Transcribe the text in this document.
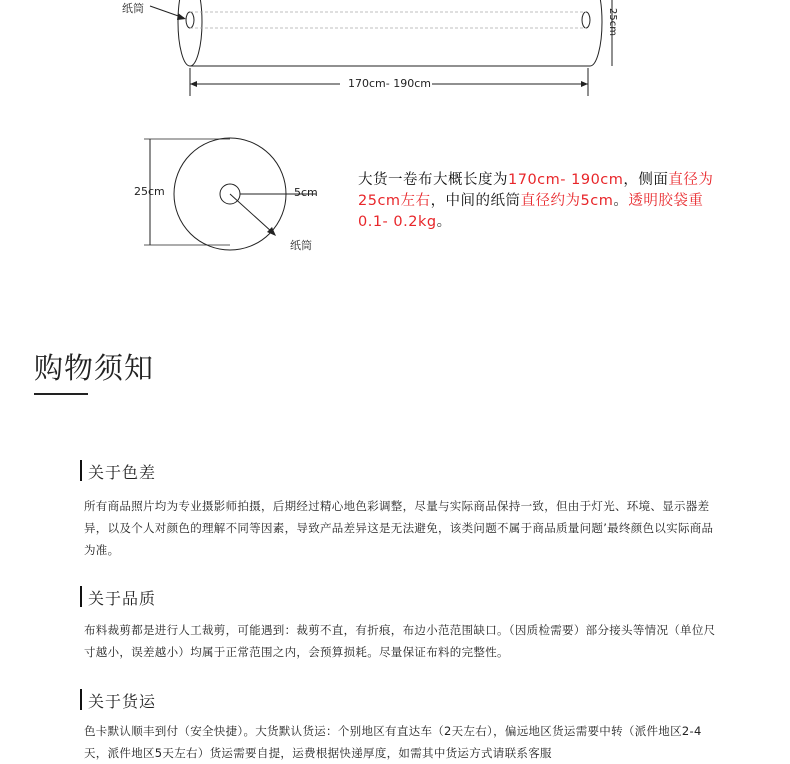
纸筒	25cm
170cm- 190cm
25cm	5cm
纸筒
大货一卷布大概长度为170cm- 190cm，侧面直径为25cm左右，中间的纸筒直径约为5cm。透明胶袋重0.1- 0.2kg。
购物须知
关于色差
所有商品照片均为专业摄影师拍摄，后期经过精心地色彩调整，尽量与实际商品保持一致，但由于灯光、环境、显示器差异，以及个人对颜色的理解不同等因素，导致产品差异这是无法避免，该类问题不属于商品质量问题’最终颜色以实际商品为准。
关于品质
布料裁剪都是进行人工裁剪，可能遇到：裁剪不直，有折痕，布边小范范围缺口。（因质检需要）部分接头等情况（单位尺寸越小，误差越小）均属于正常范围之内，会预算损耗。尽量保证布料的完整性。
关于货运
色卡默认顺丰到付（安全快捷）。大货默认货运：个别地区有直达车（2天左右），偏远地区货运需要中转（派件地区2-4天，派件地区5天左右）货运需要自提，运费根据快递厚度，如需其中货运方式请联系客服
